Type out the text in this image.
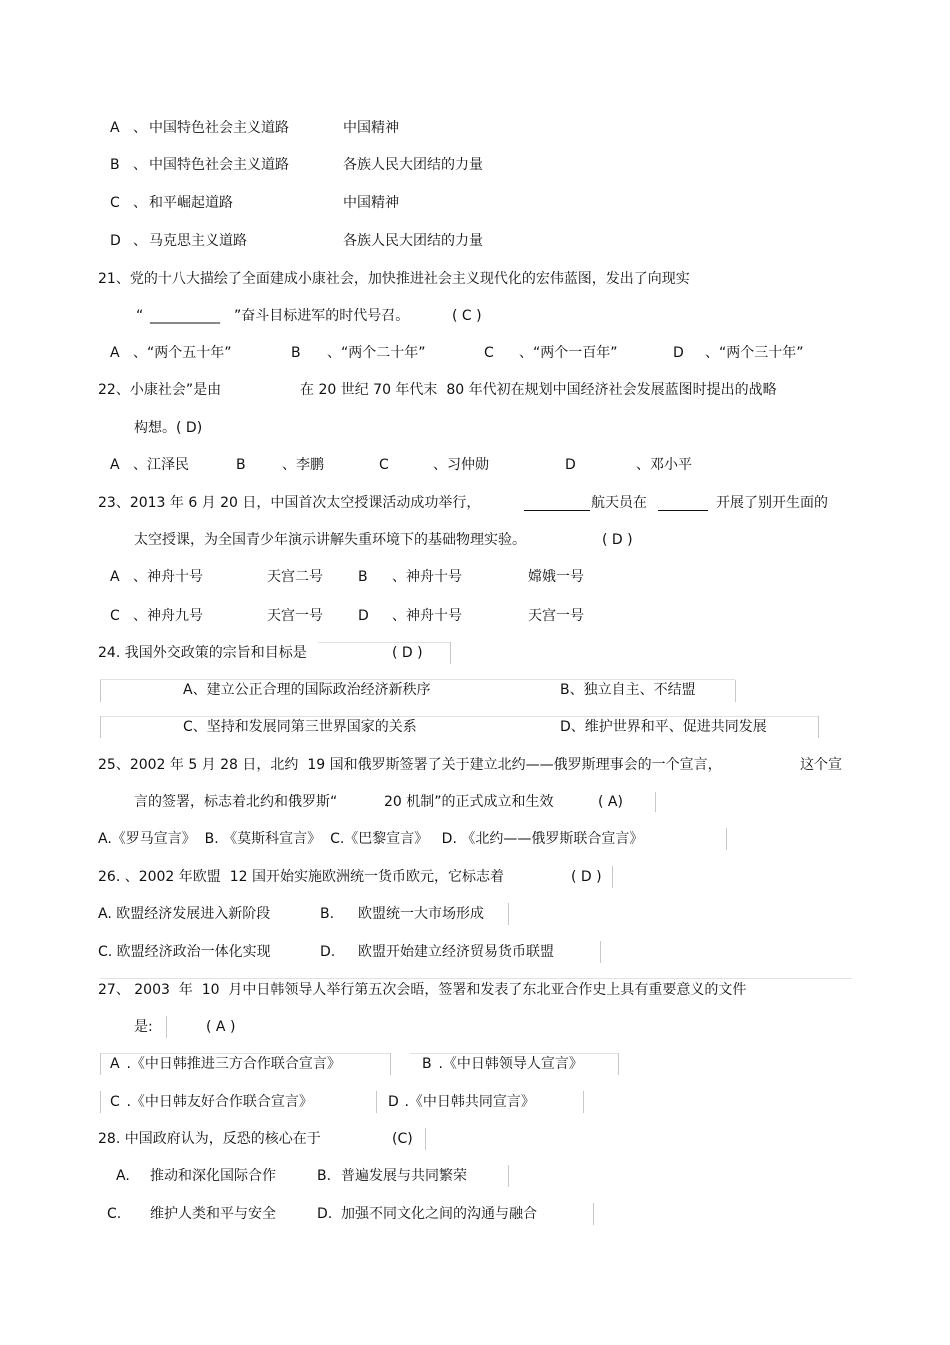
A 、 中国特色社会主义道路	中国精神
B 、 中国特色社会主义道路	各族人民大团结的力量
C 、 和平崛起道路	中国精神
D 、 马克思主义道路	各族人民大团结的力量
21、党的十八大描绘了全面建成小康社会，加快推进社会主义现代化的宏伟蓝图，发出了向现实
“ __________ ”奋斗目标进军的时代号召。	( C )
A 、“两个五十年”	B 、“两个二十年”	C 、“两个一百年”	D 、“两个三十年”
22、小康社会”是由	在 20 世纪 70 年代末  80 年代初在规划中国经济社会发展蓝图时提出的战略
构想。( D)
A 、江泽民	B	、李鹏	C	、习仲勋	D	、邓小平
23、2013 年 6 月 20 日，中国首次太空授课活动成功举行，	航天员在	开展了别开生面的
太空授课，为全国青少年演示讲解失重环境下的基础物理实验。	( D )
A 、神舟十号	天宫二号	B 、神舟十号	嫦娥一号
C 、神舟九号	天宫一号	D 、神舟十号	天宫一号
24. 我国外交政策的宗旨和目标是	( D )
A、建立公正合理的国际政治经济新秩序	B、独立自主、不结盟
C、坚持和发展同第三世界国家的关系	D、维护世界和平、促进共同发展
25、2002 年 5 月 28 日，北约  19 国和俄罗斯签署了关于建立北约——俄罗斯理事会的一个宣言，	这个宣
言的签署，标志着北约和俄罗斯“	20 机制”的正式成立和生效	( A)
A.《罗马宣言》  B. 《莫斯科宣言》  C.《巴黎宣言》   D. 《北约——俄罗斯联合宣言》
26. 、2002 年欧盟  12 国开始实施欧洲统一货币欧元，它标志着	( D )
A. 欧盟经济发展进入新阶段	B. 欧盟统一大市场形成
C. 欧盟经济政治一体化实现	D. 欧盟开始建立经济贸易货币联盟
27、 2003  年  10  月中日韩领导人举行第五次会晤，签署和发表了东北亚合作史上具有重要意义的文件
是:	( A )
A .《中日韩推进三方合作联合宣言》	B .《中日韩领导人宣言》
C .《中日韩友好合作联合宣言》	D .《中日韩共同宣言》
28. 中国政府认为，反恐的核心在于	(C)
A. 推动和深化国际合作	B. 普遍发展与共同繁荣
C. 维护人类和平与安全	D. 加强不同文化之间的沟通与融合
